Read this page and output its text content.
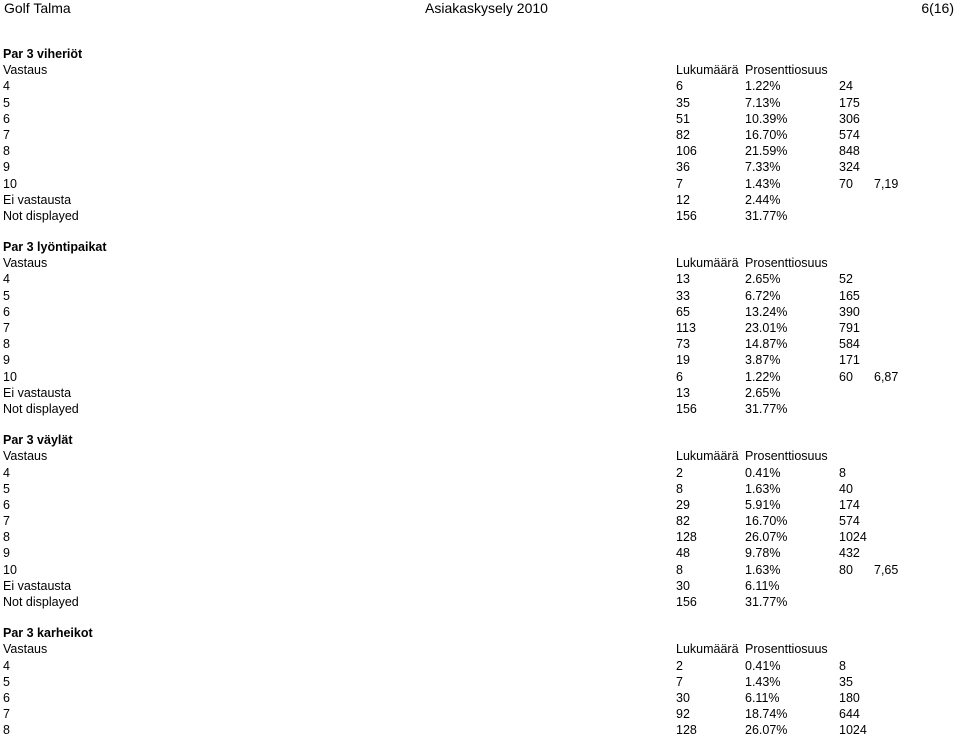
Golf Talma	Asiakaskysely 2010	6(16)
Par 3 viheriöt
Vastaus	Lukumäärä Prosenttiosuus
4	6	1.22%	24
5	35	7.13%	175
6	51	10.39%	306
7	82	16.70%	574
8	106	21.59%	848
9	36	7.33%	324
10	7	1.43%	70 7,19
Ei vastausta	12	2.44%
Not displayed	156	31.77%
Par 3 lyöntipaikat
Vastaus	Lukumäärä Prosenttiosuus
4	13	2.65%	52
5	33	6.72%	165
6	65	13.24%	390
7	113	23.01%	791
8	73	14.87%	584
9	19	3.87%	171
10	6	1.22%	60 6,87
Ei vastausta	13	2.65%
Not displayed	156	31.77%
Par 3 väylät
Vastaus	Lukumäärä Prosenttiosuus
4	2	0.41%	8
5	8	1.63%	40
6	29	5.91%	174
7	82	16.70%	574
8	128	26.07%	1024
9	48	9.78%	432
10	8	1.63%	80 7,65
Ei vastausta	30	6.11%
Not displayed	156	31.77%
Par 3 karheikot
Vastaus	Lukumäärä Prosenttiosuus
4	2	0.41%	8
5	7	1.43%	35
6	30	6.11%	180
7	92	18.74%	644
8	128	26.07%	1024
